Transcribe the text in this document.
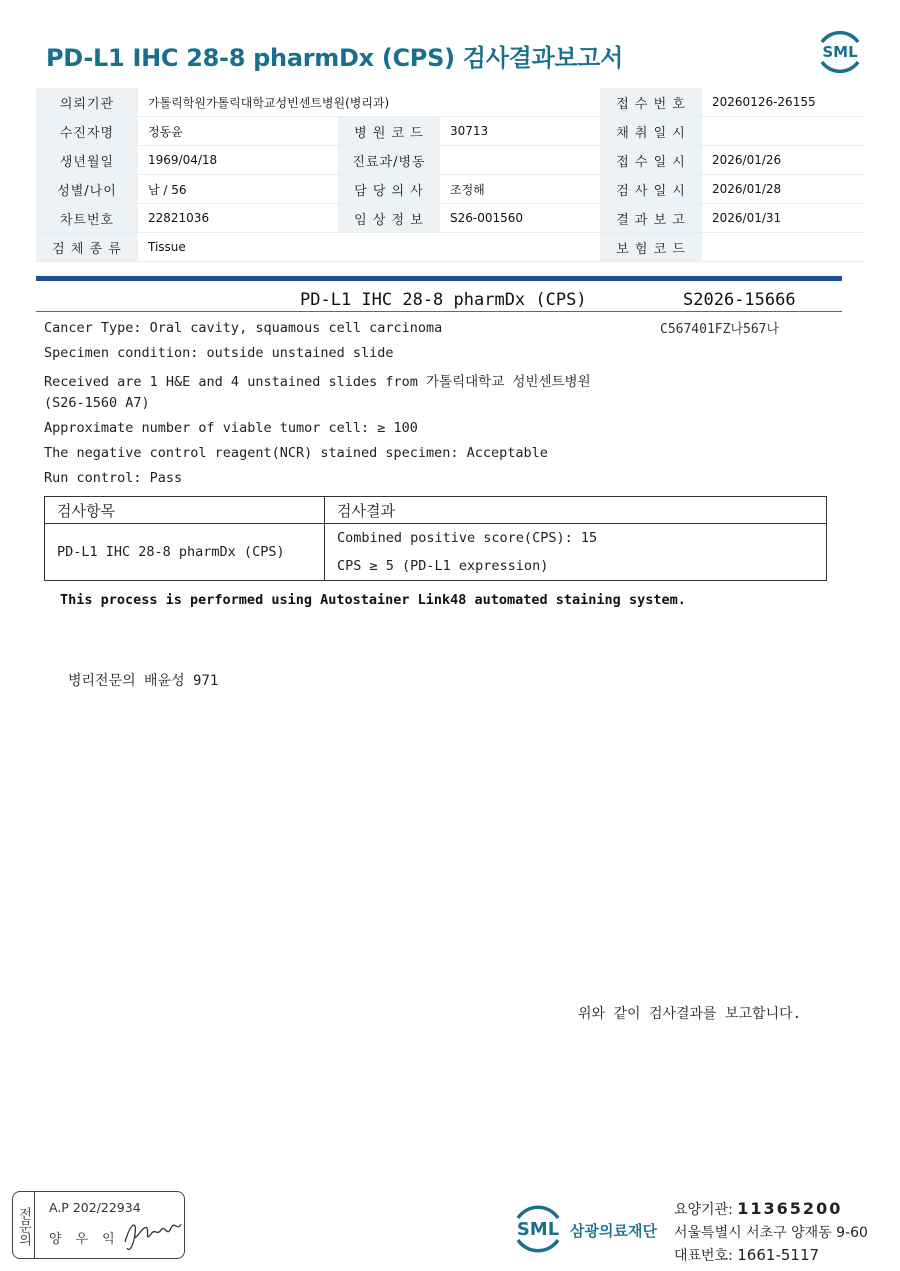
PD-L1 IHC 28-8 pharmDx (CPS) 검사결과보고서	SML
의뢰기관	가톨릭학원가톨릭대학교성빈센트병원(병리과)			접 수 번 호	20260126-26155
수진자명	정동윤	병 원 코 드	30713	채 취 일 시	
생년월일	1969/04/18	진료과/병동		접 수 일 시	2026/01/26
성별/나이	남 / 56	담 당 의 사	조정해	검 사 일 시	2026/01/28
차트번호	22821036	임 상 정 보	S26-001560	결 과 보 고	2026/01/31
검 체 종 류	Tissue			보 험 코 드	
PD-L1 IHC 28-8 pharmDx (CPS)	S2026-15666
C567401FZ나567나
Cancer Type: Oral cavity, squamous cell carcinoma
Specimen condition: outside unstained slide
Received are 1 H&E and 4 unstained slides from 가톨릭대학교 성빈센트병원
(S26-1560 A7)
Approximate number of viable tumor cell: ≥ 100
The negative control reagent(NCR) stained specimen: Acceptable
Run control: Pass
검사항목	검사결과
PD-L1 IHC 28-8 pharmDx (CPS)	Combined positive score(CPS): 15
CPS ≥ 5 (PD-L1 expression)
This process is performed using Autostainer Link48 automated staining system.
병리전문의 배윤성 971
위와 같이 검사결과를 보고합니다.
전문의	A.P 202/22934
양우익	SML 삼광의료재단
요양기관: 11365200
서울특별시 서초구 양재동 9-60
대표번호: 1661-5117
